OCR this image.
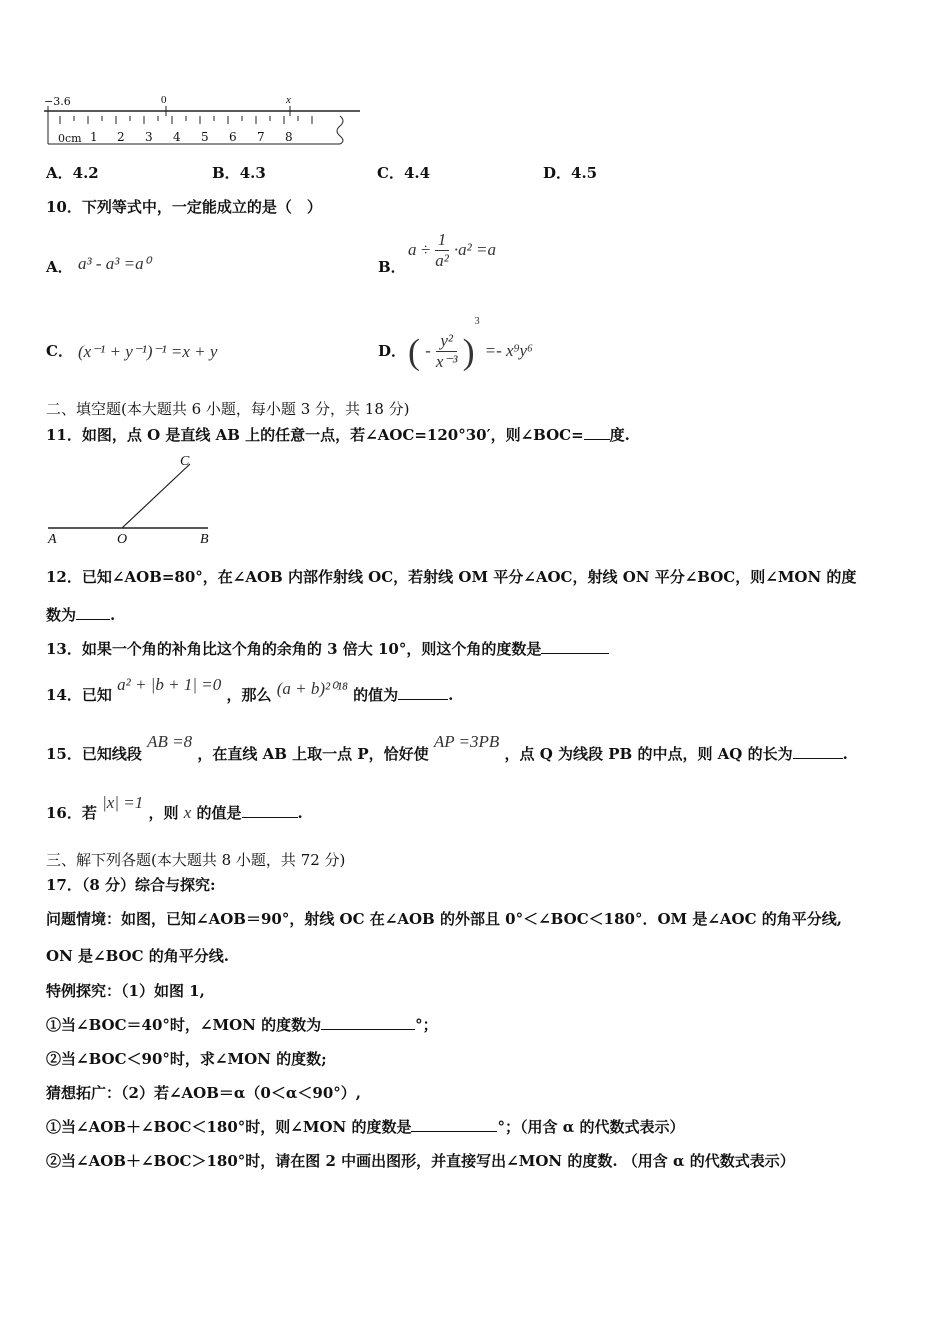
−3.6	0	x
0cm 1 2 3 4 5 6 7 8
A．4.2	B．4.3	C．4.4	D．4.5
10．下列等式中，一定能成立的是（　）
A． a³ - a³ =a⁰	B．
$a \div \frac{1}{\text{a²}} \cdot a^2 =a$
C． (x⁻¹ + y⁻¹)⁻¹ =x + y	D． ( - $\frac{\text{y²}}{\text{x⁻³}} )^3 =- x^9y^6$
二、填空题(本大题共 6 小题，每小题 3 分，共 18 分)
11．如图，点 O 是直线 AB 上的任意一点，若∠AOC=120°30′，则∠BOC= 度.
C
A	O	B
12．已知∠AOB=80°，在∠AOB 内部作射线 OC，若射线 OM 平分∠AOC，射线 ON 平分∠BOC，则∠MON 的度
数为 .
13．如果一个角的补角比这个角的余角的 3 倍大 10°，则这个角的度数是
14．已知 a² + |b + 1| =0 ，那么 (a + b)²⁰¹⁸ 的值为	.
15．已知线段 AB =8 ，在直线 AB 上取一点 P，恰好使 AP =3PB ，点 Q 为线段 PB 的中点，则 AQ 的长为	.
16．若 |x| =1 ，则 x 的值是	.
三、解下列各题(本大题共 8 小题，共 72 分)
17．（8 分）综合与探究:
问题情境：如图，已知∠AOB＝90°，射线 OC 在∠AOB 的外部且 0°＜∠BOC＜180°．OM 是∠AOC 的角平分线,
ON 是∠BOC 的角平分线.
特例探究：（1）如图 1,
①当∠BOC＝40°时，∠MON 的度数为	°；
②当∠BOC＜90°时，求∠MON 的度数;
猜想拓广：（2）若∠AOB＝α（0＜α＜90°）,
①当∠AOB＋∠BOC＜180°时，则∠MON 的度数是	°；（用含 α 的代数式表示）
②当∠AOB＋∠BOC＞180°时，请在图 2 中画出图形，并直接写出∠MON 的度数. （用含 α 的代数式表示）
